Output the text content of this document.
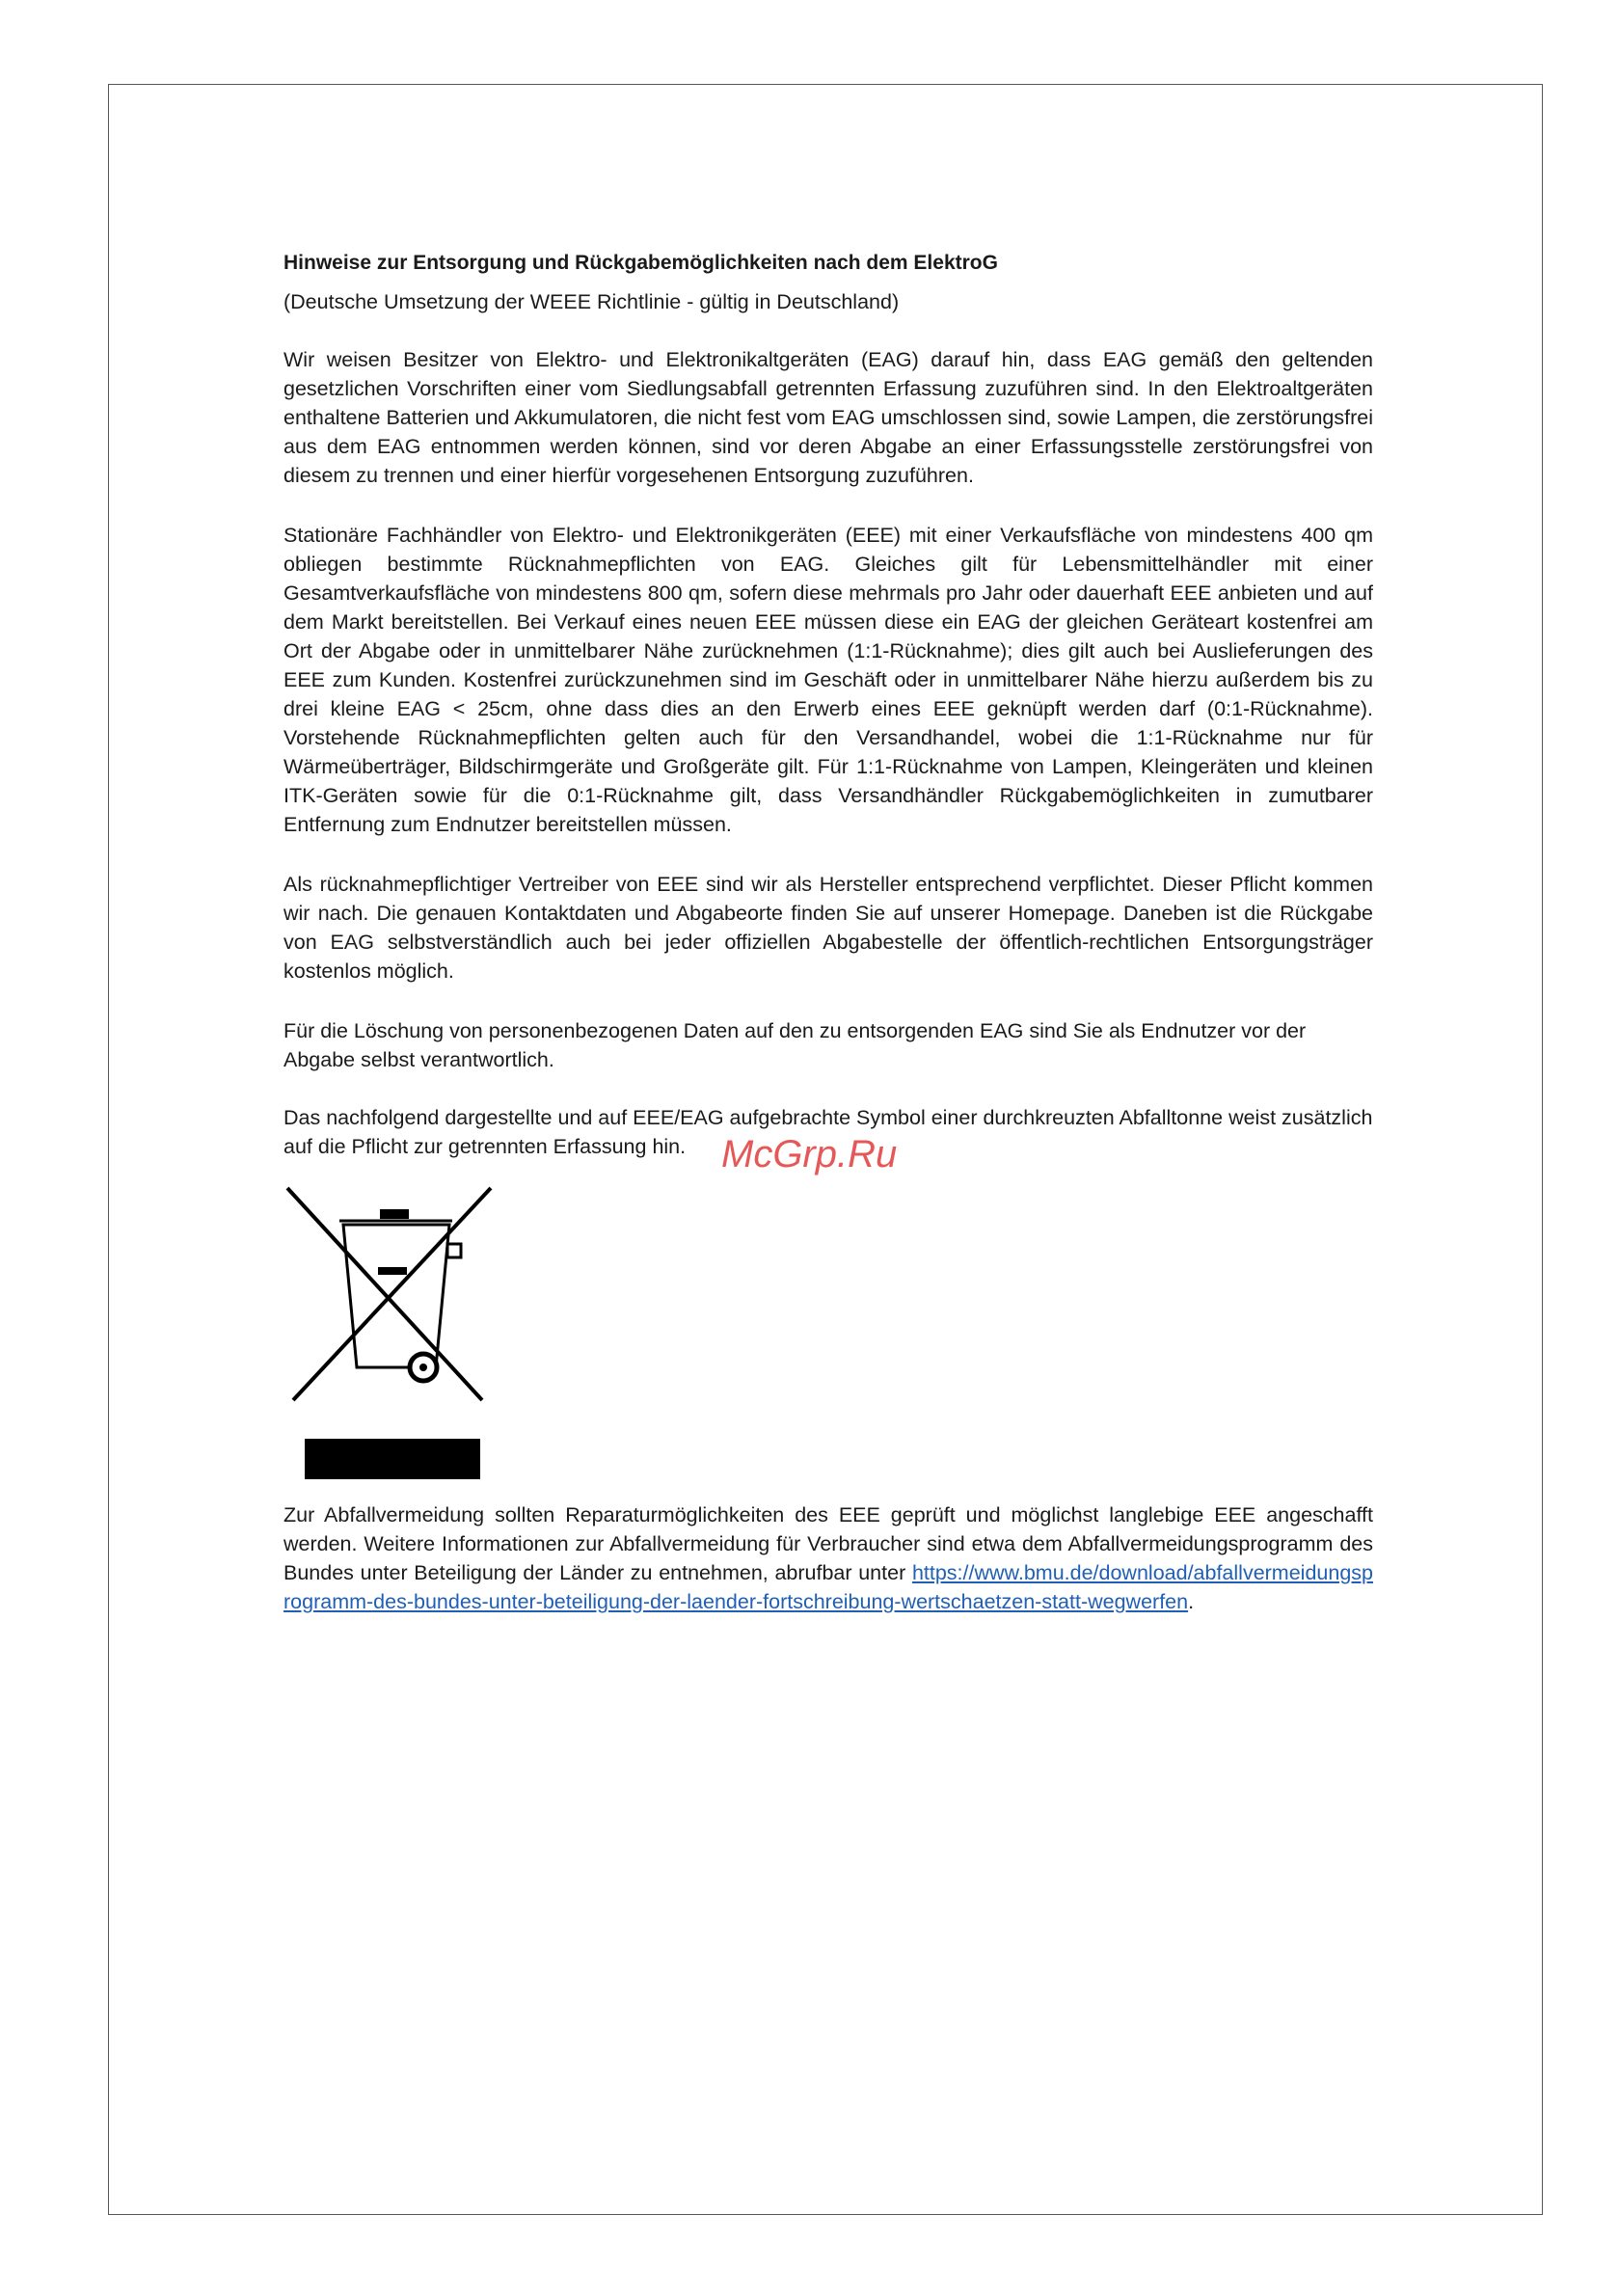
Hinweise zur Entsorgung und Rückgabemöglichkeiten nach dem ElektroG
(Deutsche Umsetzung der WEEE Richtlinie - gültig in Deutschland)

Wir weisen Besitzer von Elektro- und Elektronikaltgeräten (EAG) darauf hin, dass EAG gemäß den geltenden gesetzlichen Vorschriften einer vom Siedlungsabfall getrennten Erfassung zuzuführen sind. In den Elektroaltgeräten enthaltene Batterien und Akkumulatoren, die nicht fest vom EAG umschlossen sind, sowie Lampen, die zerstörungsfrei aus dem EAG entnommen werden können, sind vor deren Abgabe an einer Erfassungsstelle zerstörungsfrei von diesem zu trennen und einer hierfür vorgesehenen Entsorgung zuzuführen.

Stationäre Fachhändler von Elektro- und Elektronikgeräten (EEE) mit einer Verkaufsfläche von mindestens 400 qm obliegen bestimmte Rücknahmepflichten von EAG. Gleiches gilt für Lebensmittelhändler mit einer Gesamtverkaufsfläche von mindestens 800 qm, sofern diese mehrmals pro Jahr oder dauerhaft EEE anbieten und auf dem Markt bereitstellen. Bei Verkauf eines neuen EEE müssen diese ein EAG der gleichen Geräteart kostenfrei am Ort der Abgabe oder in unmittelbarer Nähe zurücknehmen (1:1-Rücknahme); dies gilt auch bei Auslieferungen des EEE zum Kunden. Kostenfrei zurückzunehmen sind im Geschäft oder in unmittelbarer Nähe hierzu außerdem bis zu drei kleine EAG < 25cm, ohne dass dies an den Erwerb eines EEE geknüpft werden darf (0:1-Rücknahme). Vorstehende Rücknahmepflichten gelten auch für den Versandhandel, wobei die 1:1-Rücknahme nur für Wärmeüberträger, Bildschirmgeräte und Großgeräte gilt. Für 1:1-Rücknahme von Lampen, Kleingeräten und kleinen ITK-Geräten sowie für die 0:1-Rücknahme gilt, dass Versandhändler Rückgabemöglichkeiten in zumutbarer Entfernung zum Endnutzer bereitstellen müssen.

Als rücknahmepflichtiger Vertreiber von EEE sind wir als Hersteller entsprechend verpflichtet. Dieser Pflicht kommen wir nach. Die genauen Kontaktdaten und Abgabeorte finden Sie auf unserer Homepage. Daneben ist die Rückgabe von EAG selbstverständlich auch bei jeder offiziellen Abgabestelle der öffentlich-rechtlichen Entsorgungsträger kostenlos möglich.

Für die Löschung von personenbezogenen Daten auf den zu entsorgenden EAG sind Sie als Endnutzer vor der Abgabe selbst verantwortlich.

Das nachfolgend dargestellte und auf EEE/EAG aufgebrachte Symbol einer durchkreuzten Abfalltonne weist zusätzlich auf die Pflicht zur getrennten Erfassung hin.

Zur Abfallvermeidung sollten Reparaturmöglichkeiten des EEE geprüft und möglichst langlebige EEE angeschafft werden. Weitere Informationen zur Abfallvermeidung für Verbraucher sind etwa dem Abfallvermeidungsprogramm des Bundes unter Beteiligung der Länder zu entnehmen, abrufbar unter https://www.bmu.de/download/abfallvermeidungsprogramm-des-bundes-unter-beteiligung-der-laender-fortschreibung-wertschaetzen-statt-wegwerfen.

McGrp.Ru
